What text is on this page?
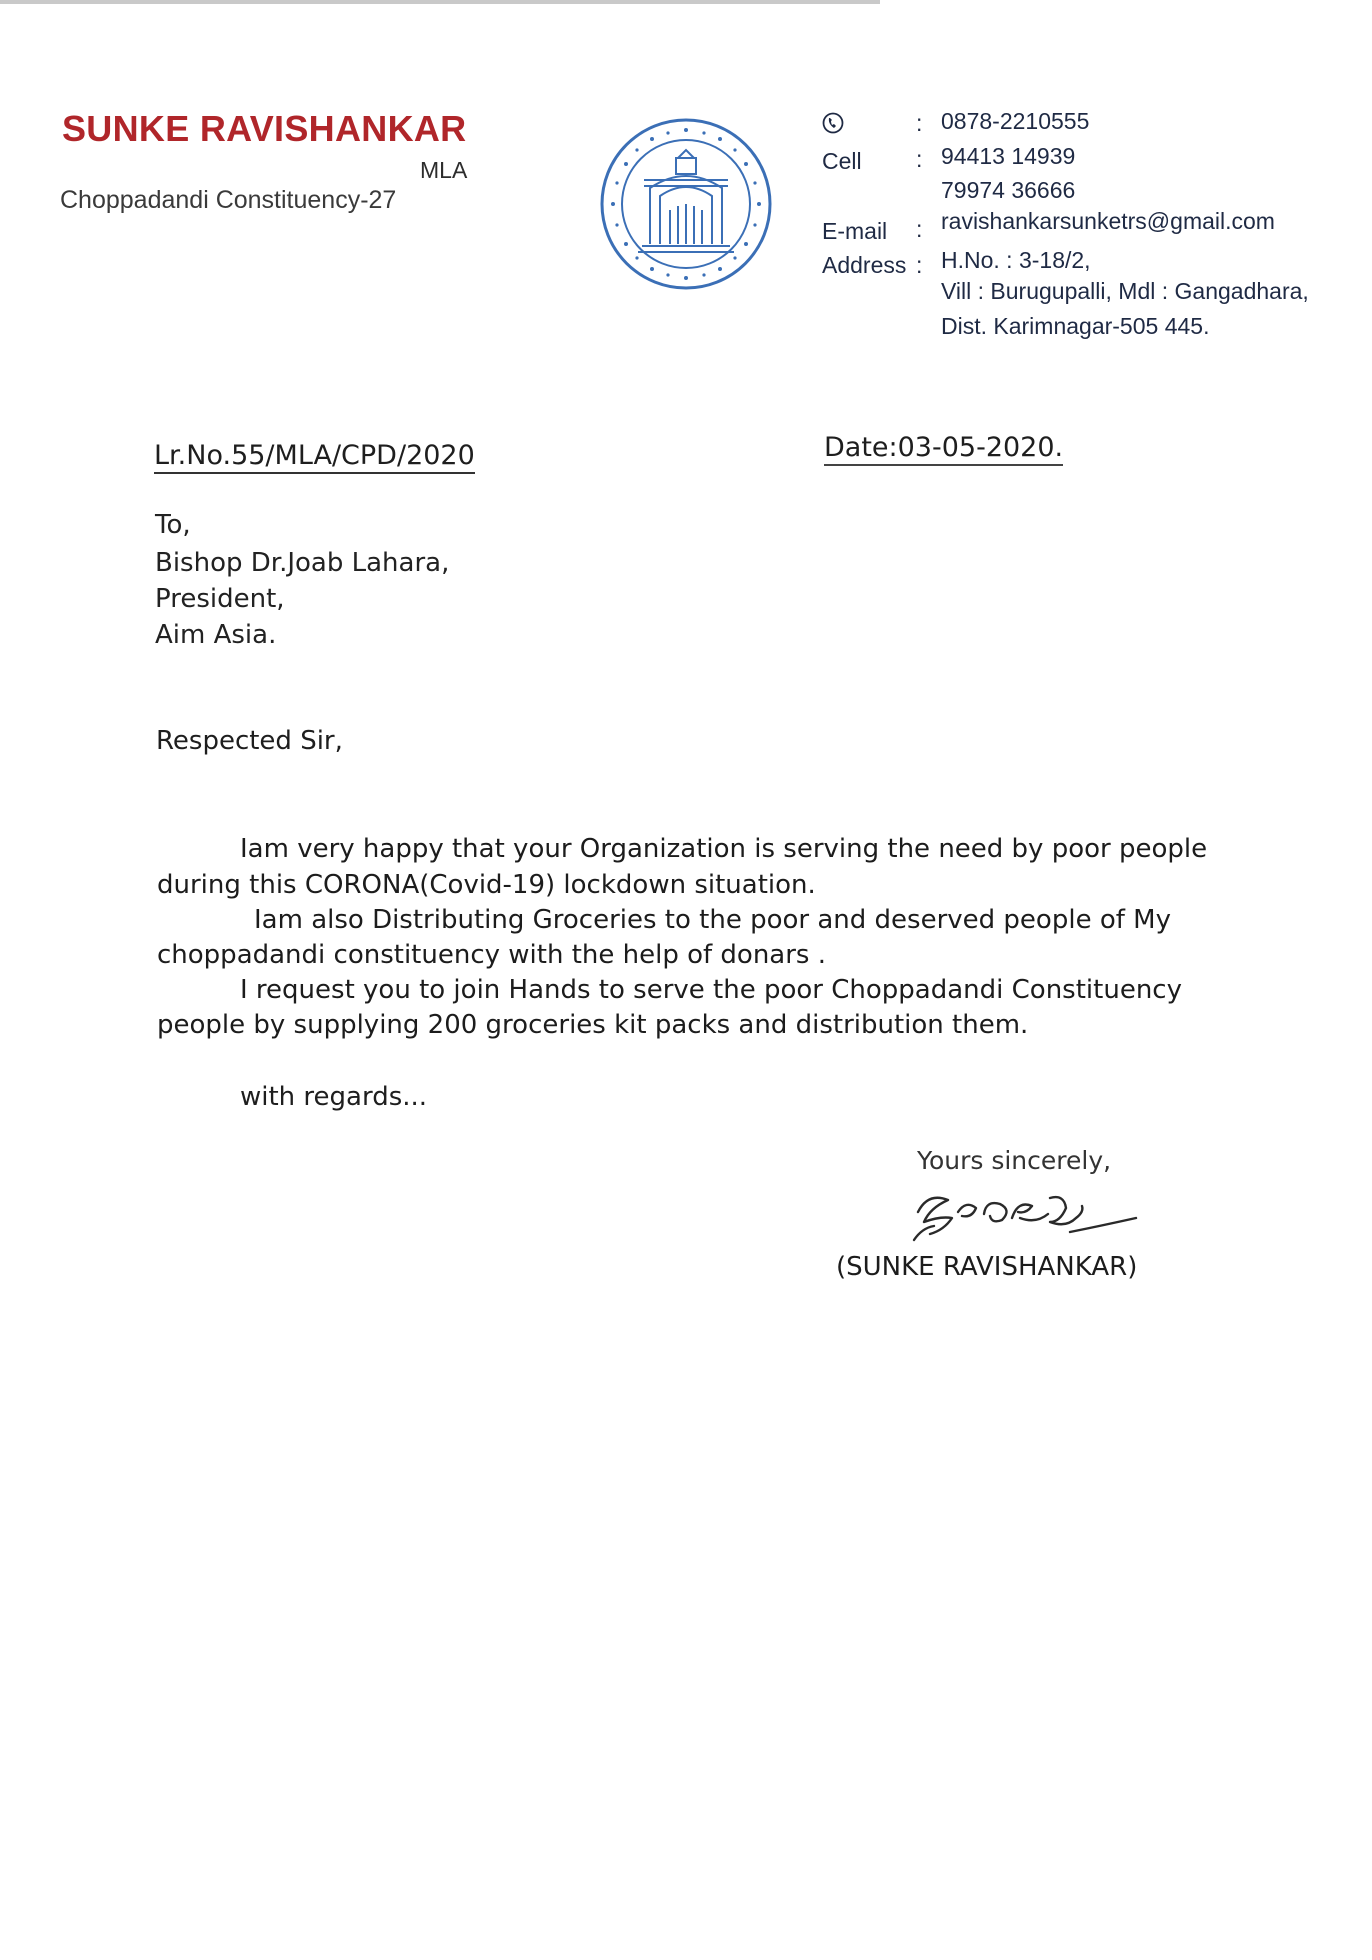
SUNKE RAVISHANKAR
MLA
Choppadandi Constituency-27
: 0878-2210555
Cell : 94413 14939
79974 36666
E-mail : ravishankarsunketrs@gmail.com
Address : H.No. : 3-18/2,
Vill : Burugupalli, Mdl : Gangadhara,
Dist. Karimnagar-505 445.
Lr.No.55/MLA/CPD/2020	Date:03-05-2020.
To,
Bishop Dr.Joab Lahara,
President,
Aim Asia.
Respected Sir,
Iam very happy that your Organization is serving the need by poor people
during this CORONA(Covid-19) lockdown situation.
Iam also Distributing Groceries to the poor and deserved people of My
choppadandi constituency with the help of donars .
I request you to join Hands to serve the poor Choppadandi Constituency
people by supplying 200 groceries kit packs and distribution them.
with regards...
Yours sincerely,
(SUNKE RAVISHANKAR)
